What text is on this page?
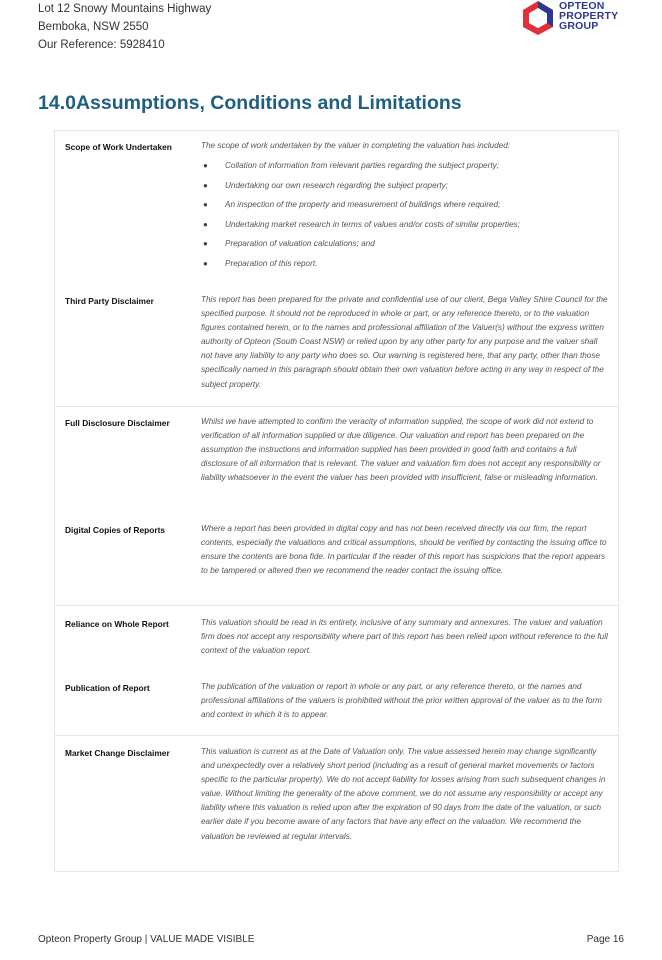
Lot 12 Snowy Mountains Highway
Bemboka, NSW 2550
Our Reference: 5928410
OPTEON
PROPERTY
GROUP
14.0Assumptions, Conditions and Limitations
Scope of Work Undertaken	The scope of work undertaken by the valuer in completing the valuation has included:
● Collation of information from relevant parties regarding the subject property;
● Undertaking our own research regarding the subject property;
● An inspection of the property and measurement of buildings where required;
● Undertaking market research in terms of values and/or costs of similar properties;
● Preparation of valuation calculations; and
● Preparation of this report.
Third Party Disclaimer	This report has been prepared for the private and confidential use of our client, Bega Valley Shire Council for the specified purpose. It should not be reproduced in whole or part, or any reference thereto, or to the valuation figures contained herein, or to the names and professional affiliation of the Valuer(s) without the express written authority of Opteon (South Coast NSW) or relied upon by any other party for any purpose and the valuer shall not have any liability to any party who does so. Our warning is registered here, that any party, other than those specifically named in this paragraph should obtain their own valuation before acting in any way in respect of the subject property.
Full Disclosure Disclaimer	Whilst we have attempted to confirm the veracity of information supplied, the scope of work did not extend to verification of all information supplied or due diligence. Our valuation and report has been prepared on the assumption the instructions and information supplied has been provided in good faith and contains a full disclosure of all information that is relevant. The valuer and valuation firm does not accept any responsibility or liability whatsoever in the event the valuer has been provided with insufficient, false or misleading information.
Digital Copies of Reports	Where a report has been provided in digital copy and has not been received directly via our firm, the report contents, especially the valuations and critical assumptions, should be verified by contacting the issuing office to ensure the contents are bona fide. In particular if the reader of this report has suspicions that the report appears to be tampered or altered then we recommend the reader contact the issuing office.
Reliance on Whole Report	This valuation should be read in its entirety, inclusive of any summary and annexures. The valuer and valuation firm does not accept any responsibility where part of this report has been relied upon without reference to the full context of the valuation report.
Publication of Report	The publication of the valuation or report in whole or any part, or any reference thereto, or the names and professional affiliations of the valuers is prohibited without the prior written approval of the valuer as to the form and context in which it is to appear.
Market Change Disclaimer	This valuation is current as at the Date of Valuation only. The value assessed herein may change significantly and unexpectedly over a relatively short period (including as a result of general market movements or factors specific to the particular property). We do not accept liability for losses arising from such subsequent changes in value. Without limiting the generality of the above comment, we do not assume any responsibility or accept any liability where this valuation is relied upon after the expiration of 90 days from the date of the valuation, or such earlier date if you become aware of any factors that have any effect on the valuation. We recommend the valuation be reviewed at regular intervals.
Opteon Property Group | VALUE MADE VISIBLE	Page 16
